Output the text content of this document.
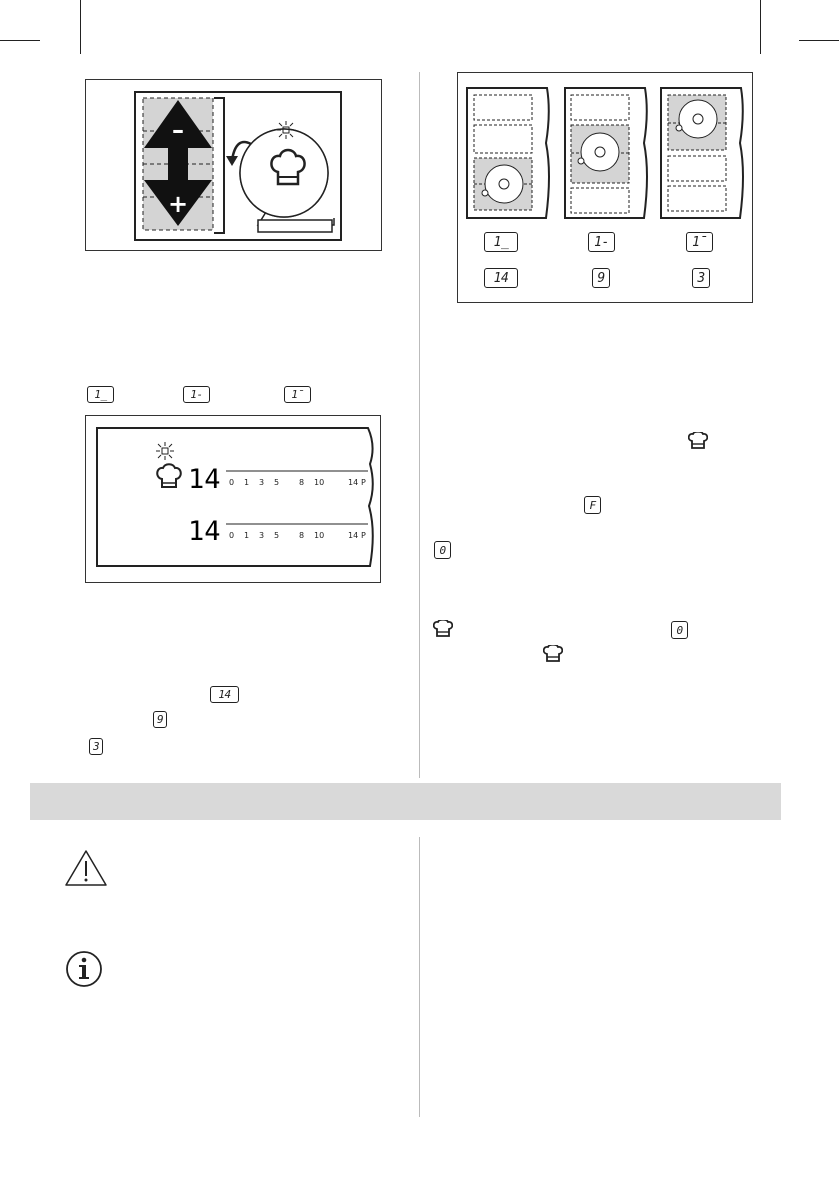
–
+
1_	1-	1¯
14
14
0 1 3 5 8 10	14 P
0 1 3 5 8 10	14 P
14
9
3
1_	1-	1¯
14	9	3
F
0
0
